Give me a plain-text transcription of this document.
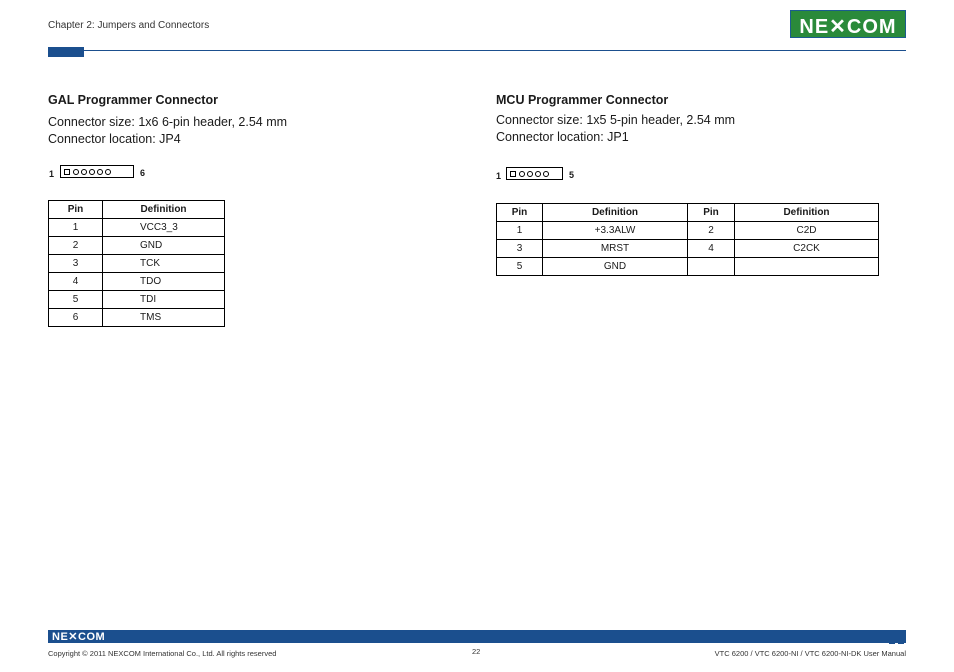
Chapter 2: Jumpers and Connectors	NE✕COM
GAL Programmer Connector
Connector size: 1x6 6-pin header, 2.54 mm
Connector location: JP4
1	6
Pin	Definition
1	VCC3_3
2	GND
3	TCK
4	TDO
5	TDI
6	TMS
MCU Programmer Connector
Connector size: 1x5 5-pin header, 2.54 mm
Connector location: JP1
1	5
Pin	Definition	Pin	Definition
1	+3.3ALW	2	C2D
3	MRST	4	C2CK
5	GND		
NE✕COM
Copyright © 2011 NEXCOM International Co., Ltd. All rights reserved	22	VTC 6200 / VTC 6200-NI / VTC 6200-NI-DK User Manual
